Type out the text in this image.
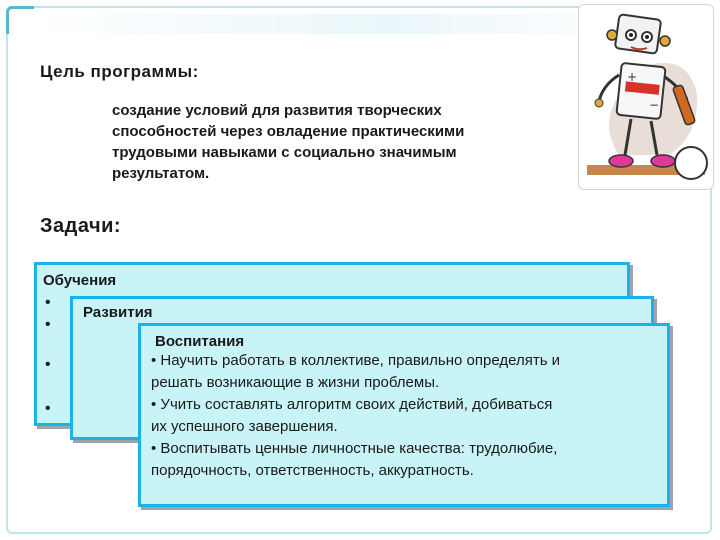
Цель программы:
создание условий для развития творческих
способностей через овладение практическими
трудовыми навыками с социально значимым
результатом.
Задачи:
Обучения
•
•
•
•
Развития
Воспитания
• Научить работать в коллективе, правильно определять и
решать возникающие в жизни проблемы.
• Учить составлять алгоритм своих действий, добиваться
их успешного завершения.
• Воспитывать ценные личностные качества: трудолюбие,
порядочность, ответственность, аккуратность.
+
−
